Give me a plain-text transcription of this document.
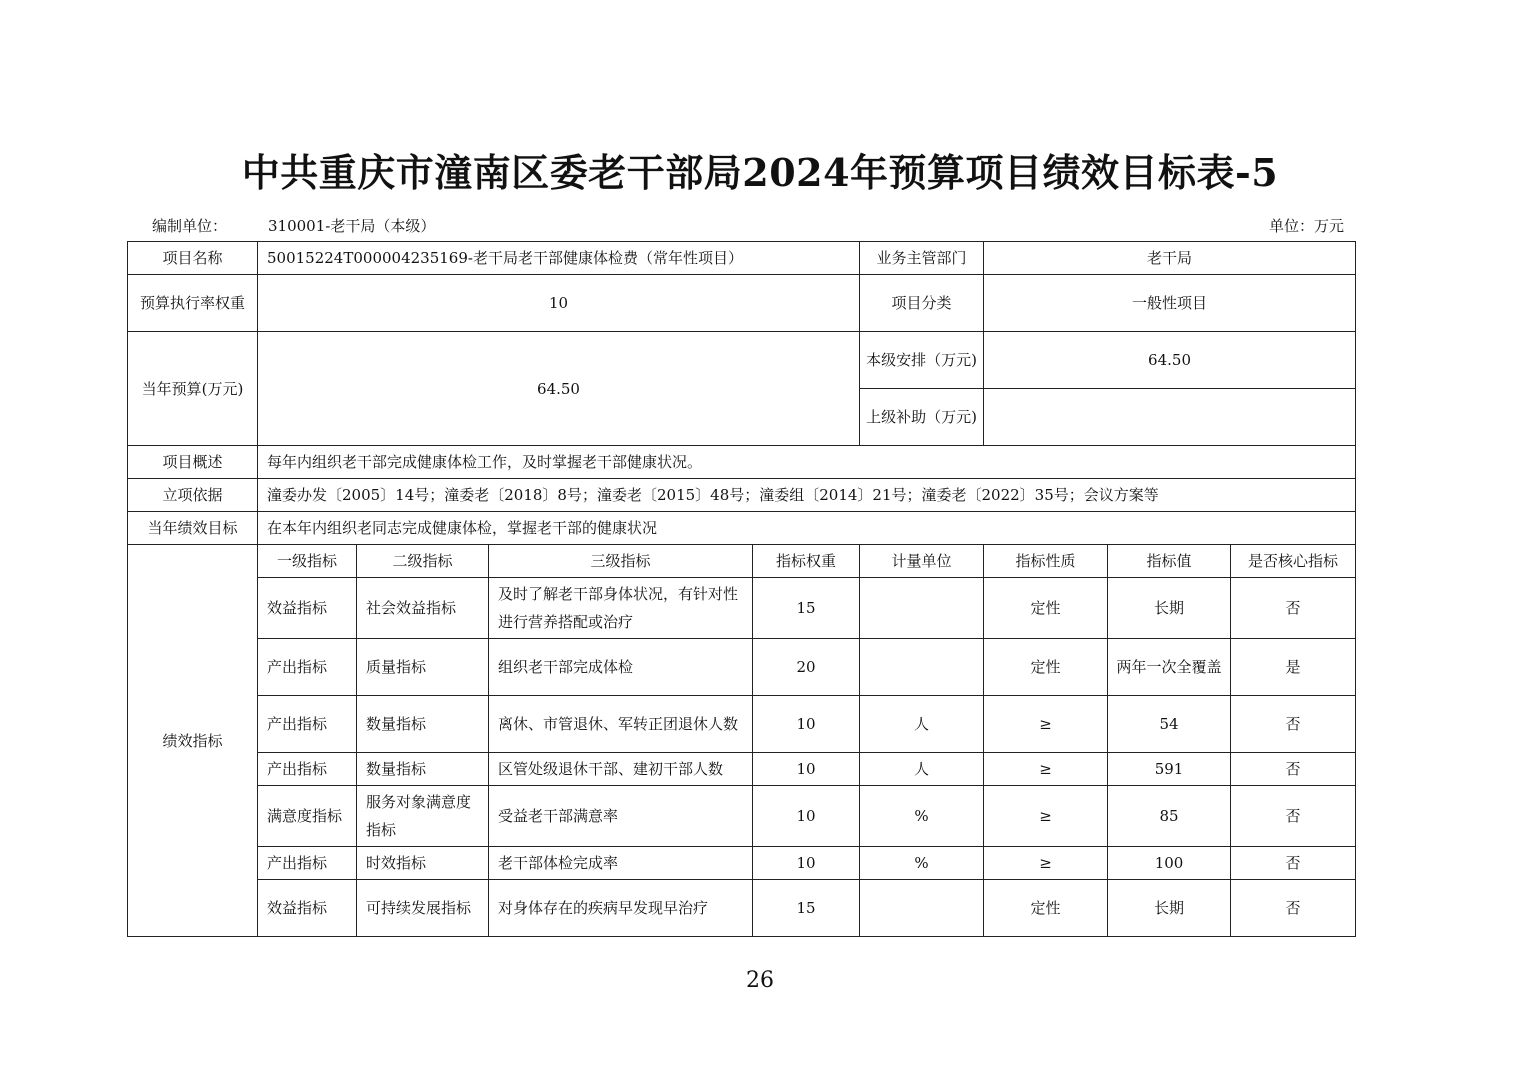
中共重庆市潼南区委老干部局2024年预算项目绩效目标表-5
编制单位：	310001-老干局（本级）	单位：万元
项目名称	50015224T000004235169-老干局老干部健康体检费（常年性项目）				业务主管部门	老干局		
预算执行率权重	10				项目分类	一般性项目		
当年预算(万元)	64.50				本级安排（万元)	64.50		
					上级补助（万元)			
项目概述	每年内组织老干部完成健康体检工作，及时掌握老干部健康状况。							
立项依据	潼委办发〔2005〕14号；潼委老〔2018〕8号；潼委老〔2015〕48号；潼委组〔2014〕21号；潼委老〔2022〕35号；会议方案等							
当年绩效目标	在本年内组织老同志完成健康体检，掌握老干部的健康状况							
绩效指标	一级指标	二级指标	三级指标	指标权重	计量单位	指标性质	指标值	是否核心指标
	效益指标	社会效益指标	及时了解老干部身体状况，有针对性进行营养搭配或治疗	15		定性	长期	否
	产出指标	质量指标	组织老干部完成体检	20		定性	两年一次全覆盖	是
	产出指标	数量指标	离休、市管退休、军转正团退休人数	10	人	≥	54	否
	产出指标	数量指标	区管处级退休干部、建初干部人数	10	人	≥	591	否
	满意度指标	服务对象满意度指标	受益老干部满意率	10	%	≥	85	否
	产出指标	时效指标	老干部体检完成率	10	%	≥	100	否
	效益指标	可持续发展指标	对身体存在的疾病早发现早治疗	15		定性	长期	否
26
